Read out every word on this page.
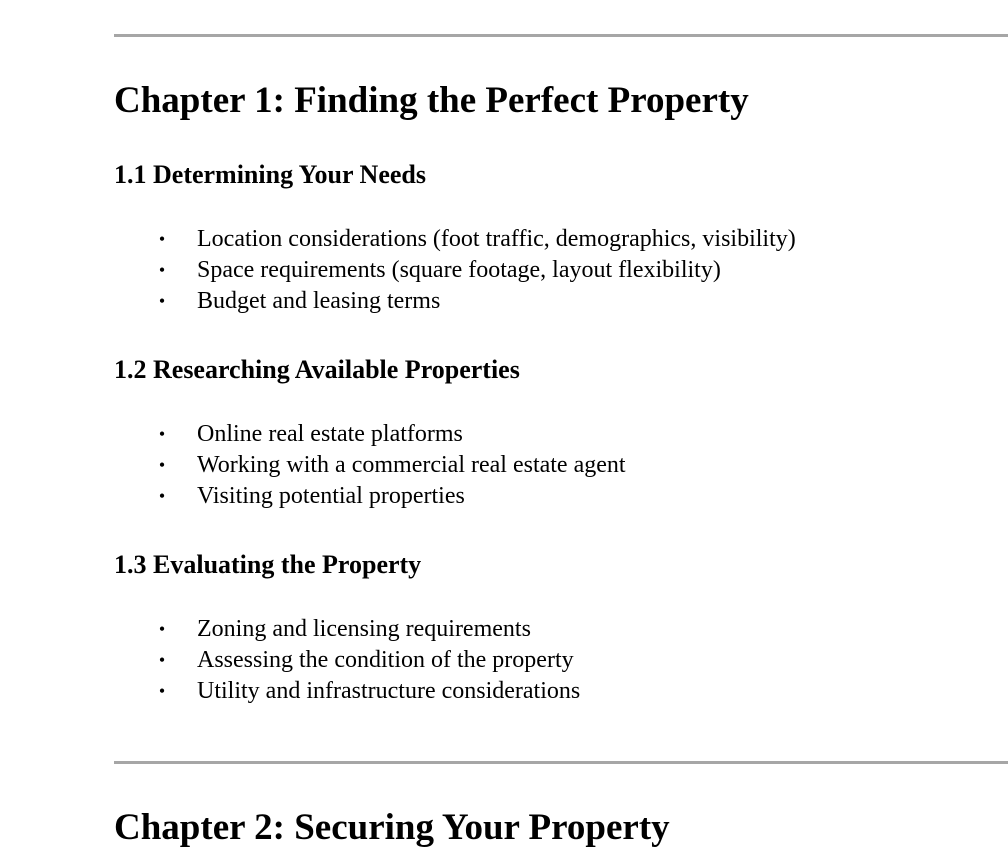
Chapter 1: Finding the Perfect Property
1.1 Determining Your Needs
• Location considerations (foot traffic, demographics, visibility)
• Space requirements (square footage, layout flexibility)
• Budget and leasing terms
1.2 Researching Available Properties
• Online real estate platforms
• Working with a commercial real estate agent
• Visiting potential properties
1.3 Evaluating the Property
• Zoning and licensing requirements
• Assessing the condition of the property
• Utility and infrastructure considerations
Chapter 2: Securing Your Property
